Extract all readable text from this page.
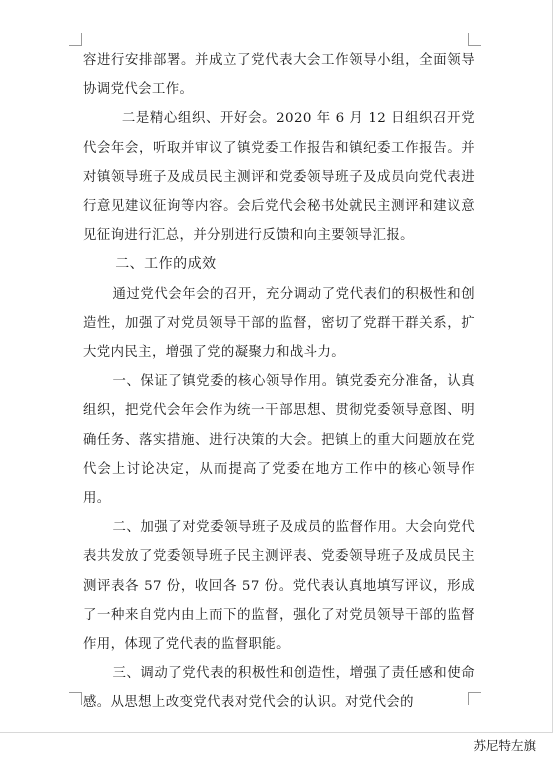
容进行安排部署。并成立了党代表大会工作领导小组，全面领导协调党代会工作。

二是精心组织、开好会。2020 年 6 月 12 日组织召开党代会年会，听取并审议了镇党委工作报告和镇纪委工作报告。并对镇领导班子及成员民主测评和党委领导班子及成员向党代表进行意见建议征询等内容。会后党代会秘书处就民主测评和建议意见征询进行汇总，并分别进行反馈和向主要领导汇报。

二、工作的成效

通过党代会年会的召开，充分调动了党代表们的积极性和创造性，加强了对党员领导干部的监督，密切了党群干群关系，扩大党内民主，增强了党的凝聚力和战斗力。

一、保证了镇党委的核心领导作用。镇党委充分准备，认真组织，把党代会年会作为统一干部思想、贯彻党委领导意图、明确任务、落实措施、进行决策的大会。把镇上的重大问题放在党代会上讨论决定，从而提高了党委在地方工作中的核心领导作用。

二、加强了对党委领导班子及成员的监督作用。大会向党代表共发放了党委领导班子民主测评表、党委领导班子及成员民主测评表各 57 份，收回各 57 份。党代表认真地填写评议，形成了一种来自党内由上而下的监督，强化了对党员领导干部的监督作用，体现了党代表的监督职能。

三、调动了党代表的积极性和创造性，增强了责任感和使命感。从思想上改变党代表对党代会的认识。对党代会的

苏尼特左旗
